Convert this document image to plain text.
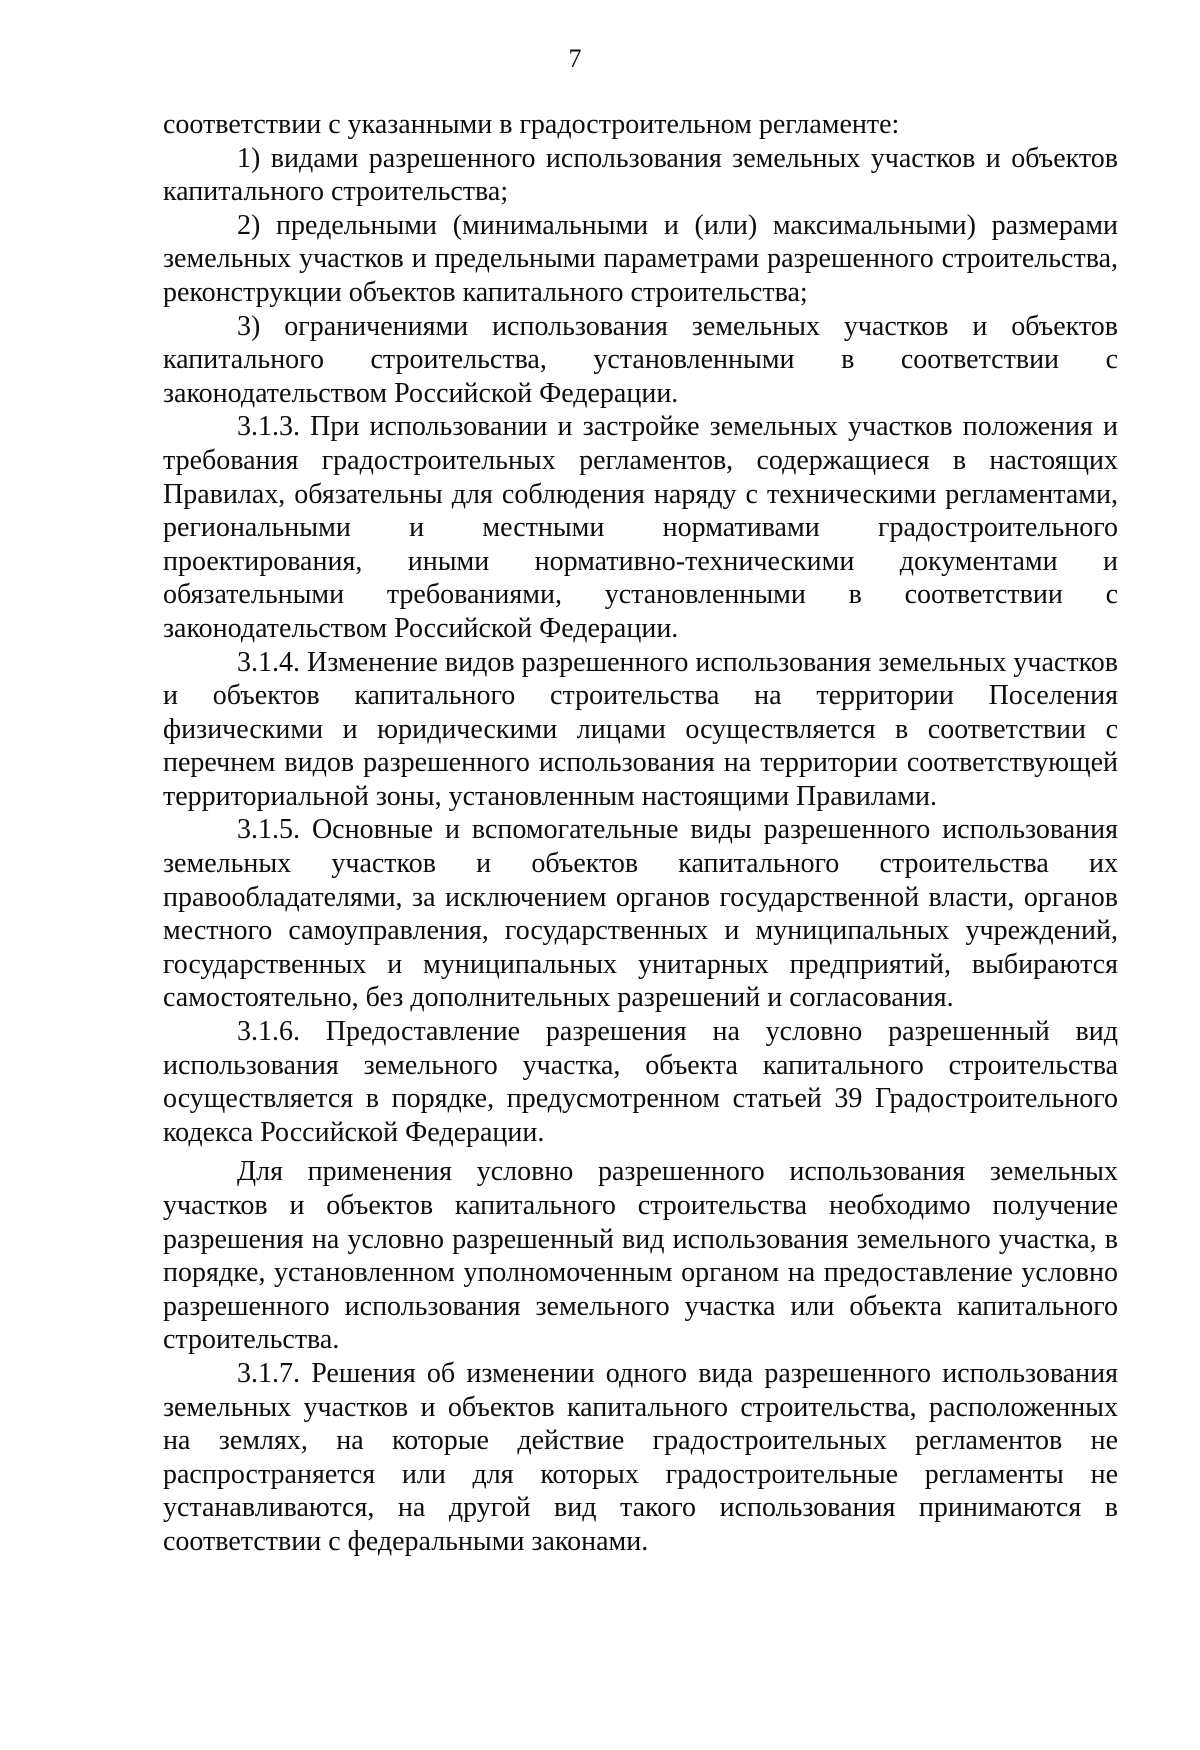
7

соответствии с указанными в градостроительном регламенте:

1) видами разрешенного использования земельных участков и объектов капитального строительства;

2) предельными (минимальными и (или) максимальными) размерами земельных участков и предельными параметрами разрешенного строительства, реконструкции объектов капитального строительства;

3) ограничениями использования земельных участков и объектов капитального строительства, установленными в соответствии с законодательством Российской Федерации.

3.1.3. При использовании и застройке земельных участков положения и требования градостроительных регламентов, содержащиеся в настоящих Правилах, обязательны для соблюдения наряду с техническими регламентами, региональными и местными нормативами градостроительного проектирования, иными нормативно-техническими документами и обязательными требованиями, установленными в соответствии с законодательством Российской Федерации.

3.1.4. Изменение видов разрешенного использования земельных участков и объектов капитального строительства на территории Поселения физическими и юридическими лицами осуществляется в соответствии с перечнем видов разрешенного использования на территории соответствующей территориальной зоны, установленным настоящими Правилами.

3.1.5. Основные и вспомогательные виды разрешенного использования земельных участков и объектов капитального строительства их правообладателями, за исключением органов государственной власти, органов местного самоуправления, государственных и муниципальных учреждений, государственных и муниципальных унитарных предприятий, выбираются самостоятельно, без дополнительных разрешений и согласования.

3.1.6. Предоставление разрешения на условно разрешенный вид использования земельного участка, объекта капитального строительства осуществляется в порядке, предусмотренном статьей 39 Градостроительного кодекса Российской Федерации.

Для применения условно разрешенного использования земельных участков и объектов капитального строительства необходимо получение разрешения на условно разрешенный вид использования земельного участка, в порядке, установленном уполномоченным органом на предоставление условно разрешенного использования земельного участка или объекта капитального строительства.

3.1.7. Решения об изменении одного вида разрешенного использования земельных участков и объектов капитального строительства, расположенных на землях, на которые действие градостроительных регламентов не распространяется или для которых градостроительные регламенты не устанавливаются, на другой вид такого использования принимаются в соответствии с федеральными законами.
